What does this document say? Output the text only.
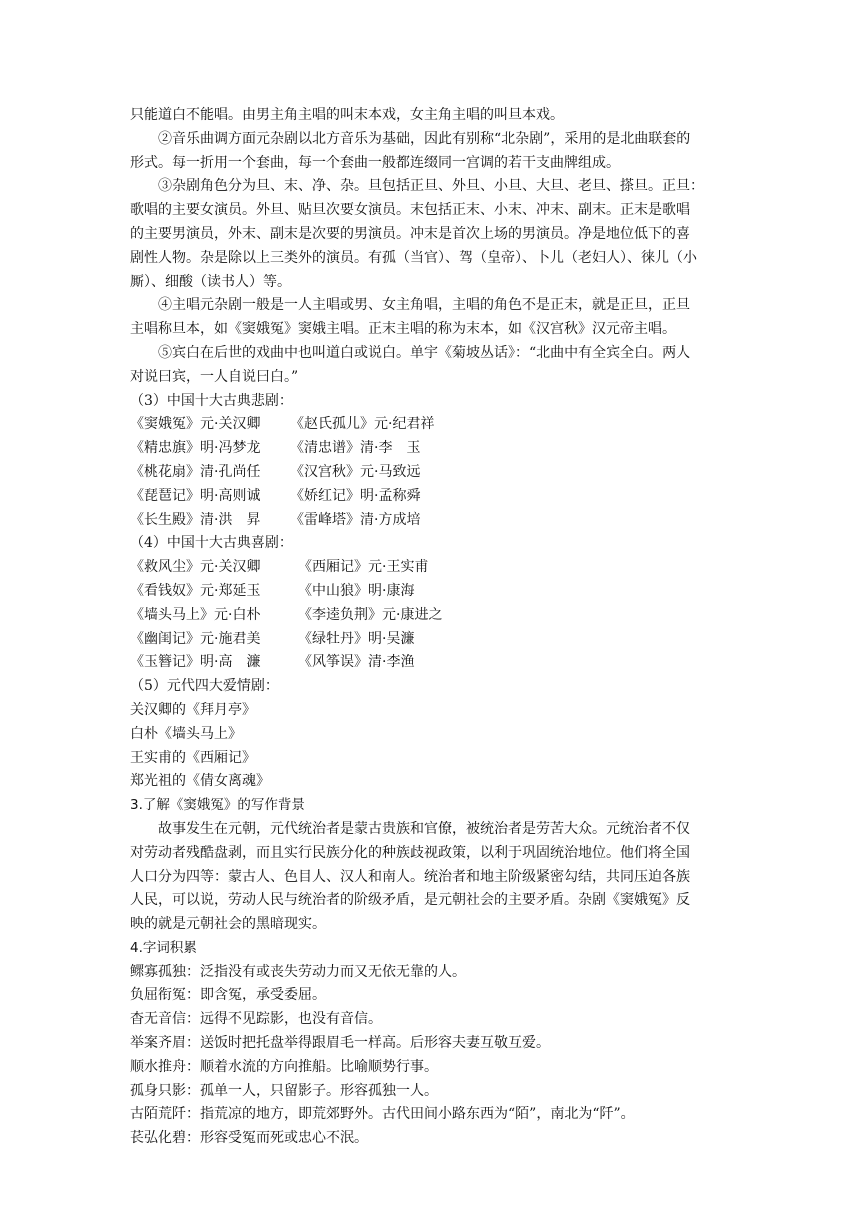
只能道白不能唱。由男主角主唱的叫末本戏，女主角主唱的叫旦本戏。
②音乐曲调方面元杂剧以北方音乐为基础，因此有别称“北杂剧”，采用的是北曲联套的
形式。每一折用一个套曲，每一个套曲一般都连缀同一宫调的若干支曲牌组成。
③杂剧角色分为旦、末、净、杂。旦包括正旦、外旦、小旦、大旦、老旦、搽旦。正旦：
歌唱的主要女演员。外旦、贴旦次要女演员。末包括正末、小末、冲末、副末。正末是歌唱
的主要男演员，外末、副末是次要的男演员。冲末是首次上场的男演员。净是地位低下的喜
剧性人物。杂是除以上三类外的演员。有孤（当官）、驾（皇帝）、卜儿（老妇人）、徕儿（小
厮）、细酸（读书人）等。
④主唱元杂剧一般是一人主唱或男、女主角唱，主唱的角色不是正末，就是正旦，正旦
主唱称旦本，如《窦娥冤》窦娥主唱。正末主唱的称为末本，如《汉宫秋》汉元帝主唱。
⑤宾白在后世的戏曲中也叫道白或说白。单宇《菊坡丛话》：“北曲中有全宾全白。两人
对说曰宾，一人自说曰白。”
（3）中国十大古典悲剧：
《窦娥冤》元·关汉卿	《赵氏孤儿》元·纪君祥
《精忠旗》明·冯梦龙	《清忠谱》清·李　玉
《桃花扇》清·孔尚任	《汉宫秋》元·马致远
《琵琶记》明·高则诚	《娇红记》明·孟称舜
《长生殿》清·洪　昇	《雷峰塔》清·方成培
（4）中国十大古典喜剧：
《救风尘》元·关汉卿	《西厢记》元·王实甫
《看钱奴》元·郑延玉	《中山狼》明·康海
《墙头马上》元·白朴	《李逵负荆》元·康进之
《幽闺记》元·施君美	《绿牡丹》明·吴濂
《玉簪记》明·高　濂	《风筝误》清·李渔
（5）元代四大爱情剧：
关汉卿的《拜月亭》
白朴《墙头马上》
王实甫的《西厢记》
郑光祖的《倩女离魂》
3.了解《窦娥冤》的写作背景
故事发生在元朝，元代统治者是蒙古贵族和官僚，被统治者是劳苦大众。元统治者不仅
对劳动者残酷盘剥，而且实行民族分化的种族歧视政策，以利于巩固统治地位。他们将全国
人口分为四等：蒙古人、色目人、汉人和南人。统治者和地主阶级紧密勾结，共同压迫各族
人民，可以说，劳动人民与统治者的阶级矛盾，是元朝社会的主要矛盾。杂剧《窦娥冤》反
映的就是元朝社会的黑暗现实。
4.字词积累
鳏寡孤独：泛指没有或丧失劳动力而又无依无靠的人。
负屈衔冤：即含冤，承受委屈。
杳无音信：远得不见踪影，也没有音信。
举案齐眉：送饭时把托盘举得跟眉毛一样高。后形容夫妻互敬互爱。
顺水推舟：顺着水流的方向推船。比喻顺势行事。
孤身只影：孤单一人，只留影子。形容孤独一人。
古陌荒阡：指荒凉的地方，即荒郊野外。古代田间小路东西为“陌”，南北为“阡”。
苌弘化碧：形容受冤而死或忠心不泯。
